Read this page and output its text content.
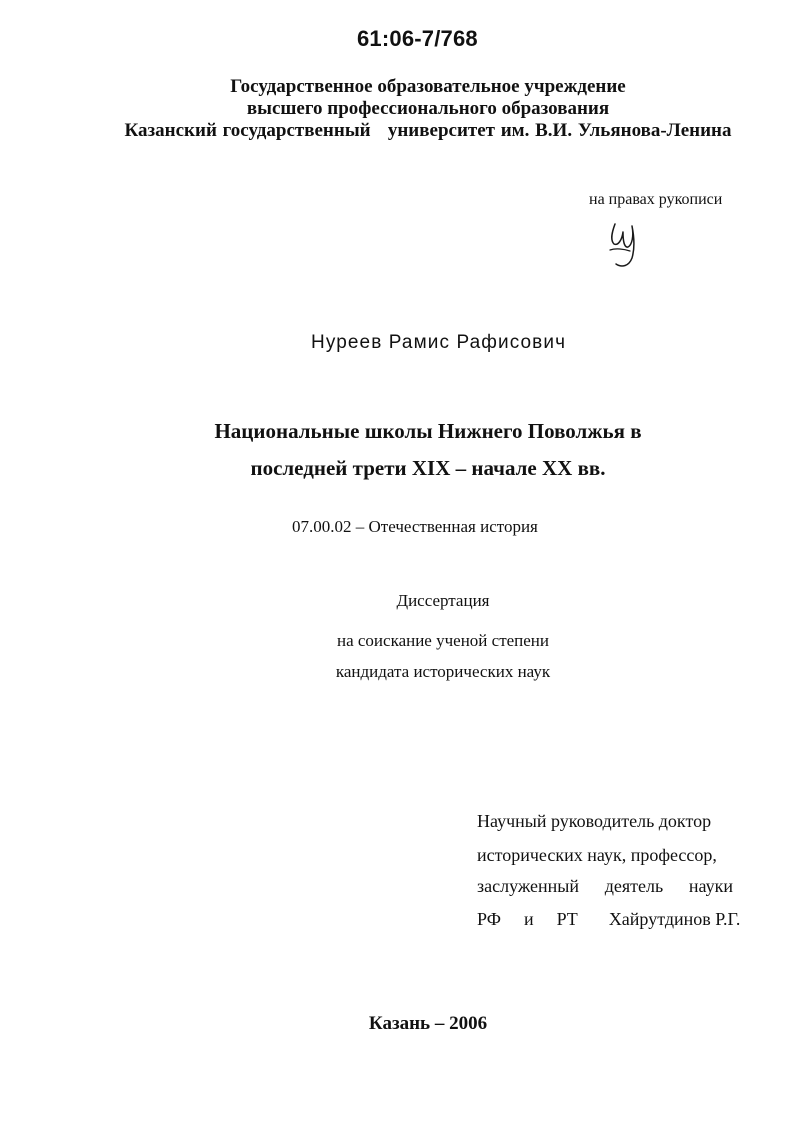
61:06-7/768
Государственное образовательное учреждение
высшего профессионального образования
Казанский государственный   университет им. В.И. Ульянова-Ленина
на правах рукописи
Нуреев Рамис Рафисович
Национальные школы Нижнего Поволжья в
последней трети XIX – начале XX вв.
07.00.02 – Отечественная история
Диссертация
на соискание ученой степени
кандидата исторических наук
Научный руководитель доктор
исторических наук, профессор,
заслуженный деятель науки
РФ и РТ Хайрутдинов Р.Г.
Казань – 2006
